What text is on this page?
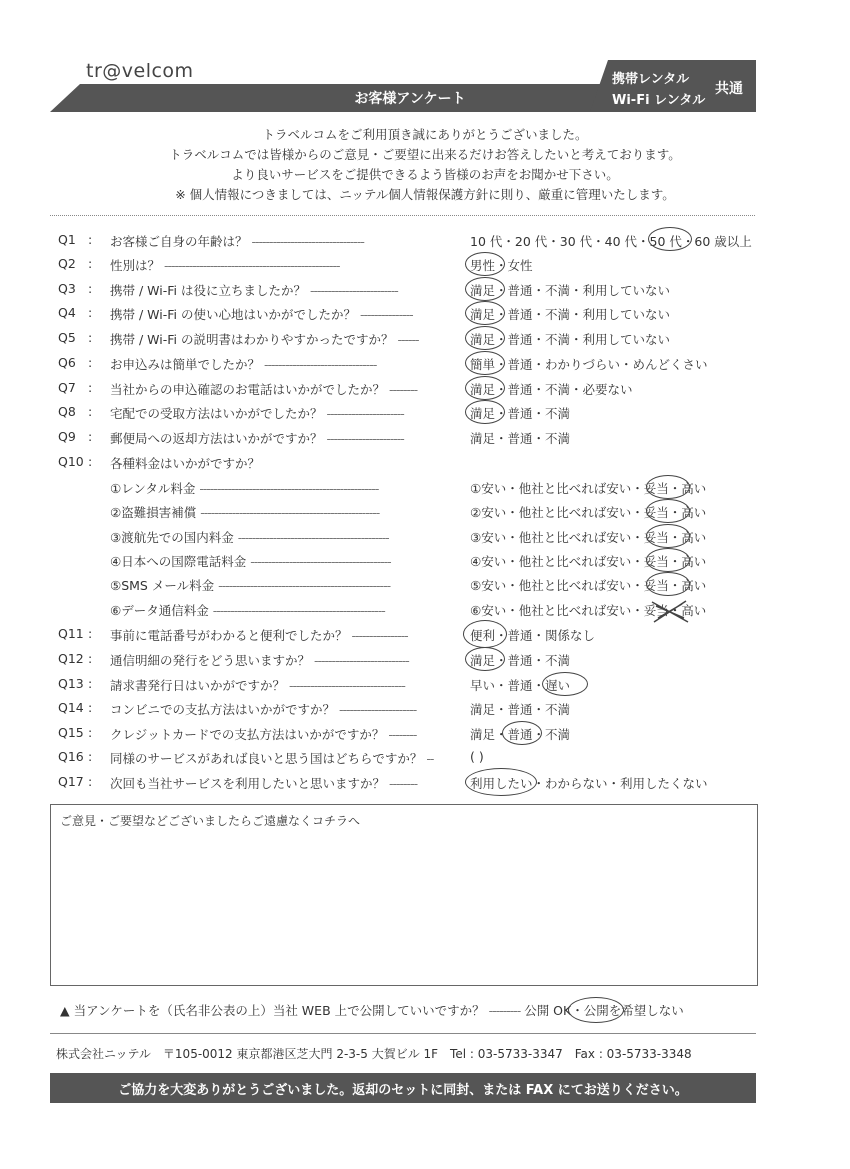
tr@velcom
お客様アンケート
携帯レンタル
Wi-Fi レンタル
共通
トラベルコムをご利用頂き誠にありがとうございました。
トラベルコムでは皆様からのご意見・ご要望に出来るだけお答えしたいと考えております。
より良いサービスをご提供できるよう皆様のお声をお聞かせ下さい。
※ 個人情報につきましては、ニッテル個人情報保護方針に則り、厳重に管理いたします。
Q1 : お客様ご自身の年齢は？ --------------------------------	10 代・20 代・30 代・40 代・50 代・60 歳以上
Q2 : 性別は？ --------------------------------------------------	男性・女性
Q3 : 携帯 / Wi-Fi は役に立ちましたか？ -------------------------	満足・普通・不満・利用していない
Q4 : 携帯 / Wi-Fi の使い心地はいかがでしたか？ ---------------	満足・普通・不満・利用していない
Q5 : 携帯 / Wi-Fi の説明書はわかりやすかったですか？ ------	満足・普通・不満・利用していない
Q6 : お申込みは簡単でしたか？ --------------------------------	簡単・普通・わかりづらい・めんどくさい
Q7 : 当社からの申込確認のお電話はいかがでしたか？ --------	満足・普通・不満・必要ない
Q8 : 宅配での受取方法はいかがでしたか？ ----------------------	満足・普通・不満
Q9 : 郵便局への返却方法はいかがですか？ ----------------------	満足・普通・不満
Q10 : 各種料金はいかがですか？
①レンタル料金 ---------------------------------------------------	①安い・他社と比べれば安い・妥当・高い
②盗難損害補償 ---------------------------------------------------	②安い・他社と比べれば安い・妥当・高い
③渡航先での国内料金 -------------------------------------------	③安い・他社と比べれば安い・妥当・高い
④日本への国際電話料金 ----------------------------------------	④安い・他社と比べれば安い・妥当・高い
⑤SMS メール料金 -------------------------------------------------	⑤安い・他社と比べれば安い・妥当・高い
⑥データ通信料金 -------------------------------------------------	⑥安い・他社と比べれば安い・妥当・高い
Q11 : 事前に電話番号がわかると便利でしたか？ ----------------	便利・普通・関係なし
Q12 : 通信明細の発行をどう思いますか？ ---------------------------	満足・普通・不満
Q13 : 請求書発行日はいかがですか？ ---------------------------------	早い・普通・遅い
Q14 : コンビニでの支払方法はいかがですか？ ----------------------	満足・普通・不満
Q15 : クレジットカードでの支払方法はいかがですか？ --------	満足・普通・不満
Q16 : 同様のサービスがあれば良いと思う国はどちらですか？ --	( )
Q17 : 次回も当社サービスを利用したいと思いますか？ --------	利用したい・わからない・利用したくない
ご意見・ご要望などございましたらご遠慮なくコチラへ
▲ 当アンケートを（氏名非公表の上）当社 WEB 上で公開していいですか？ --------- 公開 OK・公開を希望しない
株式会社ニッテル　〒105-0012 東京都港区芝大門 2-3-5 大賀ビル 1F　Tel : 03-5733-3347　Fax : 03-5733-3348
ご協力を大変ありがとうございました。返却のセットに同封、または FAX にてお送りください。
